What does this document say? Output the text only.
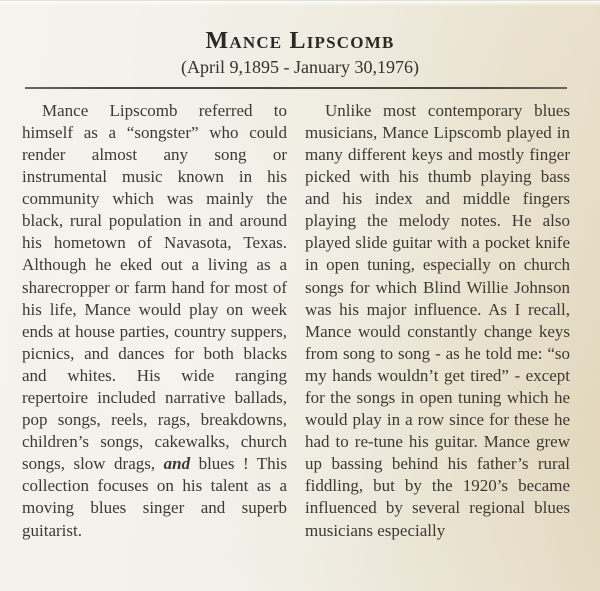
Mance Lipscomb
(April 9,1895 - January 30,1976)

Mance Lipscomb referred to himself as a “songster” who could render almost any song or instrumental music known in his community which was mainly the black, rural population in and around his hometown of Navasota, Texas. Although he eked out a living as a sharecropper or farm hand for most of his life, Mance would play on week ends at house parties, country suppers, picnics, and dances for both blacks and whites. His wide ranging repertoire included narrative ballads, pop songs, reels, rags, breakdowns, children’s songs, cakewalks, church songs, slow drags, and blues ! This collection focuses on his talent as a moving blues singer and superb guitarist.

Unlike most contemporary blues musicians, Mance Lipscomb played in many different keys and mostly finger picked with his thumb playing bass and his index and middle fingers playing the melody notes. He also played slide guitar with a pocket knife in open tuning, especially on church songs for which Blind Willie Johnson was his major influence. As I recall, Mance would constantly change keys from song to song - as he told me: “so my hands wouldn’t get tired” - except for the songs in open tuning which he would play in a row since for these he had to re-tune his guitar. Mance grew up bassing behind his father’s rural fiddling, but by the 1920’s became influenced by several regional blues musicians especially
